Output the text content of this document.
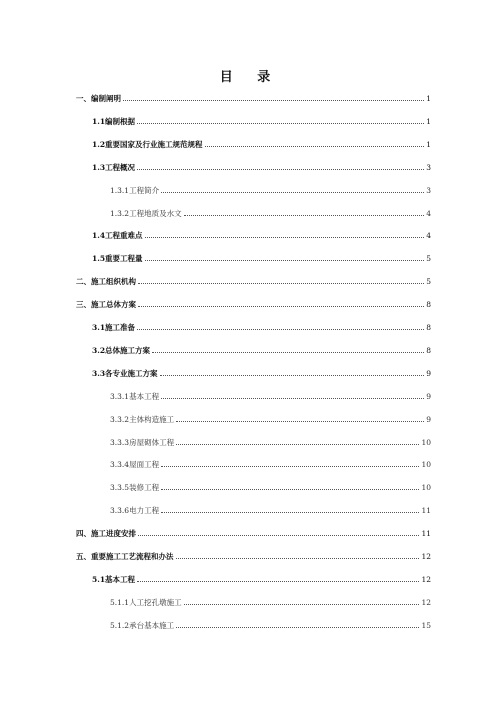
目 录
一、编制阐明	1
1.1编制根据	1
1.2重要国家及行业施工规范规程	1
1.3工程概况	3
1.3.1工程简介	3
1.3.2工程地质及水文	4
1.4工程重难点	4
1.5重要工程量	5
二、施工组织机构	5
三、施工总体方案	8
3.1施工准备	8
3.2总体施工方案	8
3.3各专业施工方案	9
3.3.1基本工程	9
3.3.2主体构造施工	9
3.3.3房屋砌体工程	10
3.3.4屋面工程	10
3.3.5装修工程	10
3.3.6电力工程	11
四、施工进度安排	11
五、重要施工工艺流程和办法	12
5.1基本工程	12
5.1.1人工挖孔墩施工	12
5.1.2承台基本施工	15
